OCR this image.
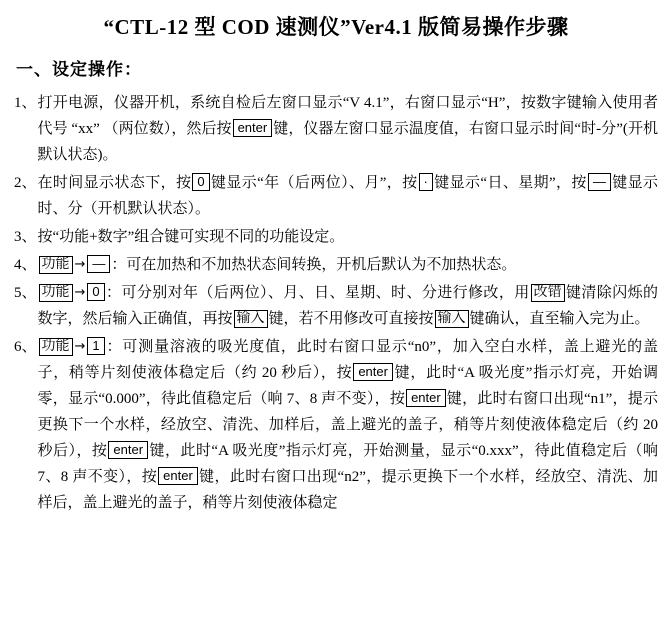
“CTL-12 型 COD 速测仪”Ver4.1 版简易操作步骤
一、设定操作：
1、 打开电源，仪器开机，系统自检后左窗口显示“V 4.1”，右窗口显示“H”，按数字键输入使用者代号 “xx” （两位数），然后按 enter 键，仪器左窗口显示温度值，右窗口显示时间“时-分”(开机默认状态)。
2、 在时间显示状态下，按 0 键显示“年（后两位）、月”，按 · 键显示“日、星期”，按 — 键显示时、分（开机默认状态）。
3、 按“功能+数字”组合键可实现不同的功能设定。
4、 功能 → — ：可在加热和不加热状态间转换，开机后默认为不加热状态。
5、 功能 → 0 ：可分别对年（后两位）、月、日、星期、时、分进行修改，用 改错 键清除闪烁的数字，然后输入正确值，再按 输入 键，若不用修改可直接按 输入 键确认，直至输入完为止。
6、 功能 → 1 ：可测量溶液的吸光度值，此时右窗口显示“n0”，加入空白水样，盖上避光的盖子，稍等片刻使液体稳定后（约 20 秒后），按 enter 键，此时“A 吸光度”指示灯亮，开始调零，显示“0.000”，待此值稳定后（响 7、8 声不变），按 enter 键，此时右窗口出现“n1”，提示更换下一个水样，经放空、清洗、加样后，盖上避光的盖子，稍等片刻使液体稳定后（约 20 秒后），按 enter 键，此时“A 吸光度”指示灯亮，开始测量，显示“0.xxx”，待此值稳定后（响 7、8 声不变），按 enter 键，此时右窗口出现“n2”，提示更换下一个水样，经放空、清洗、加样后，盖上避光的盖子，稍等片刻使液体稳定
